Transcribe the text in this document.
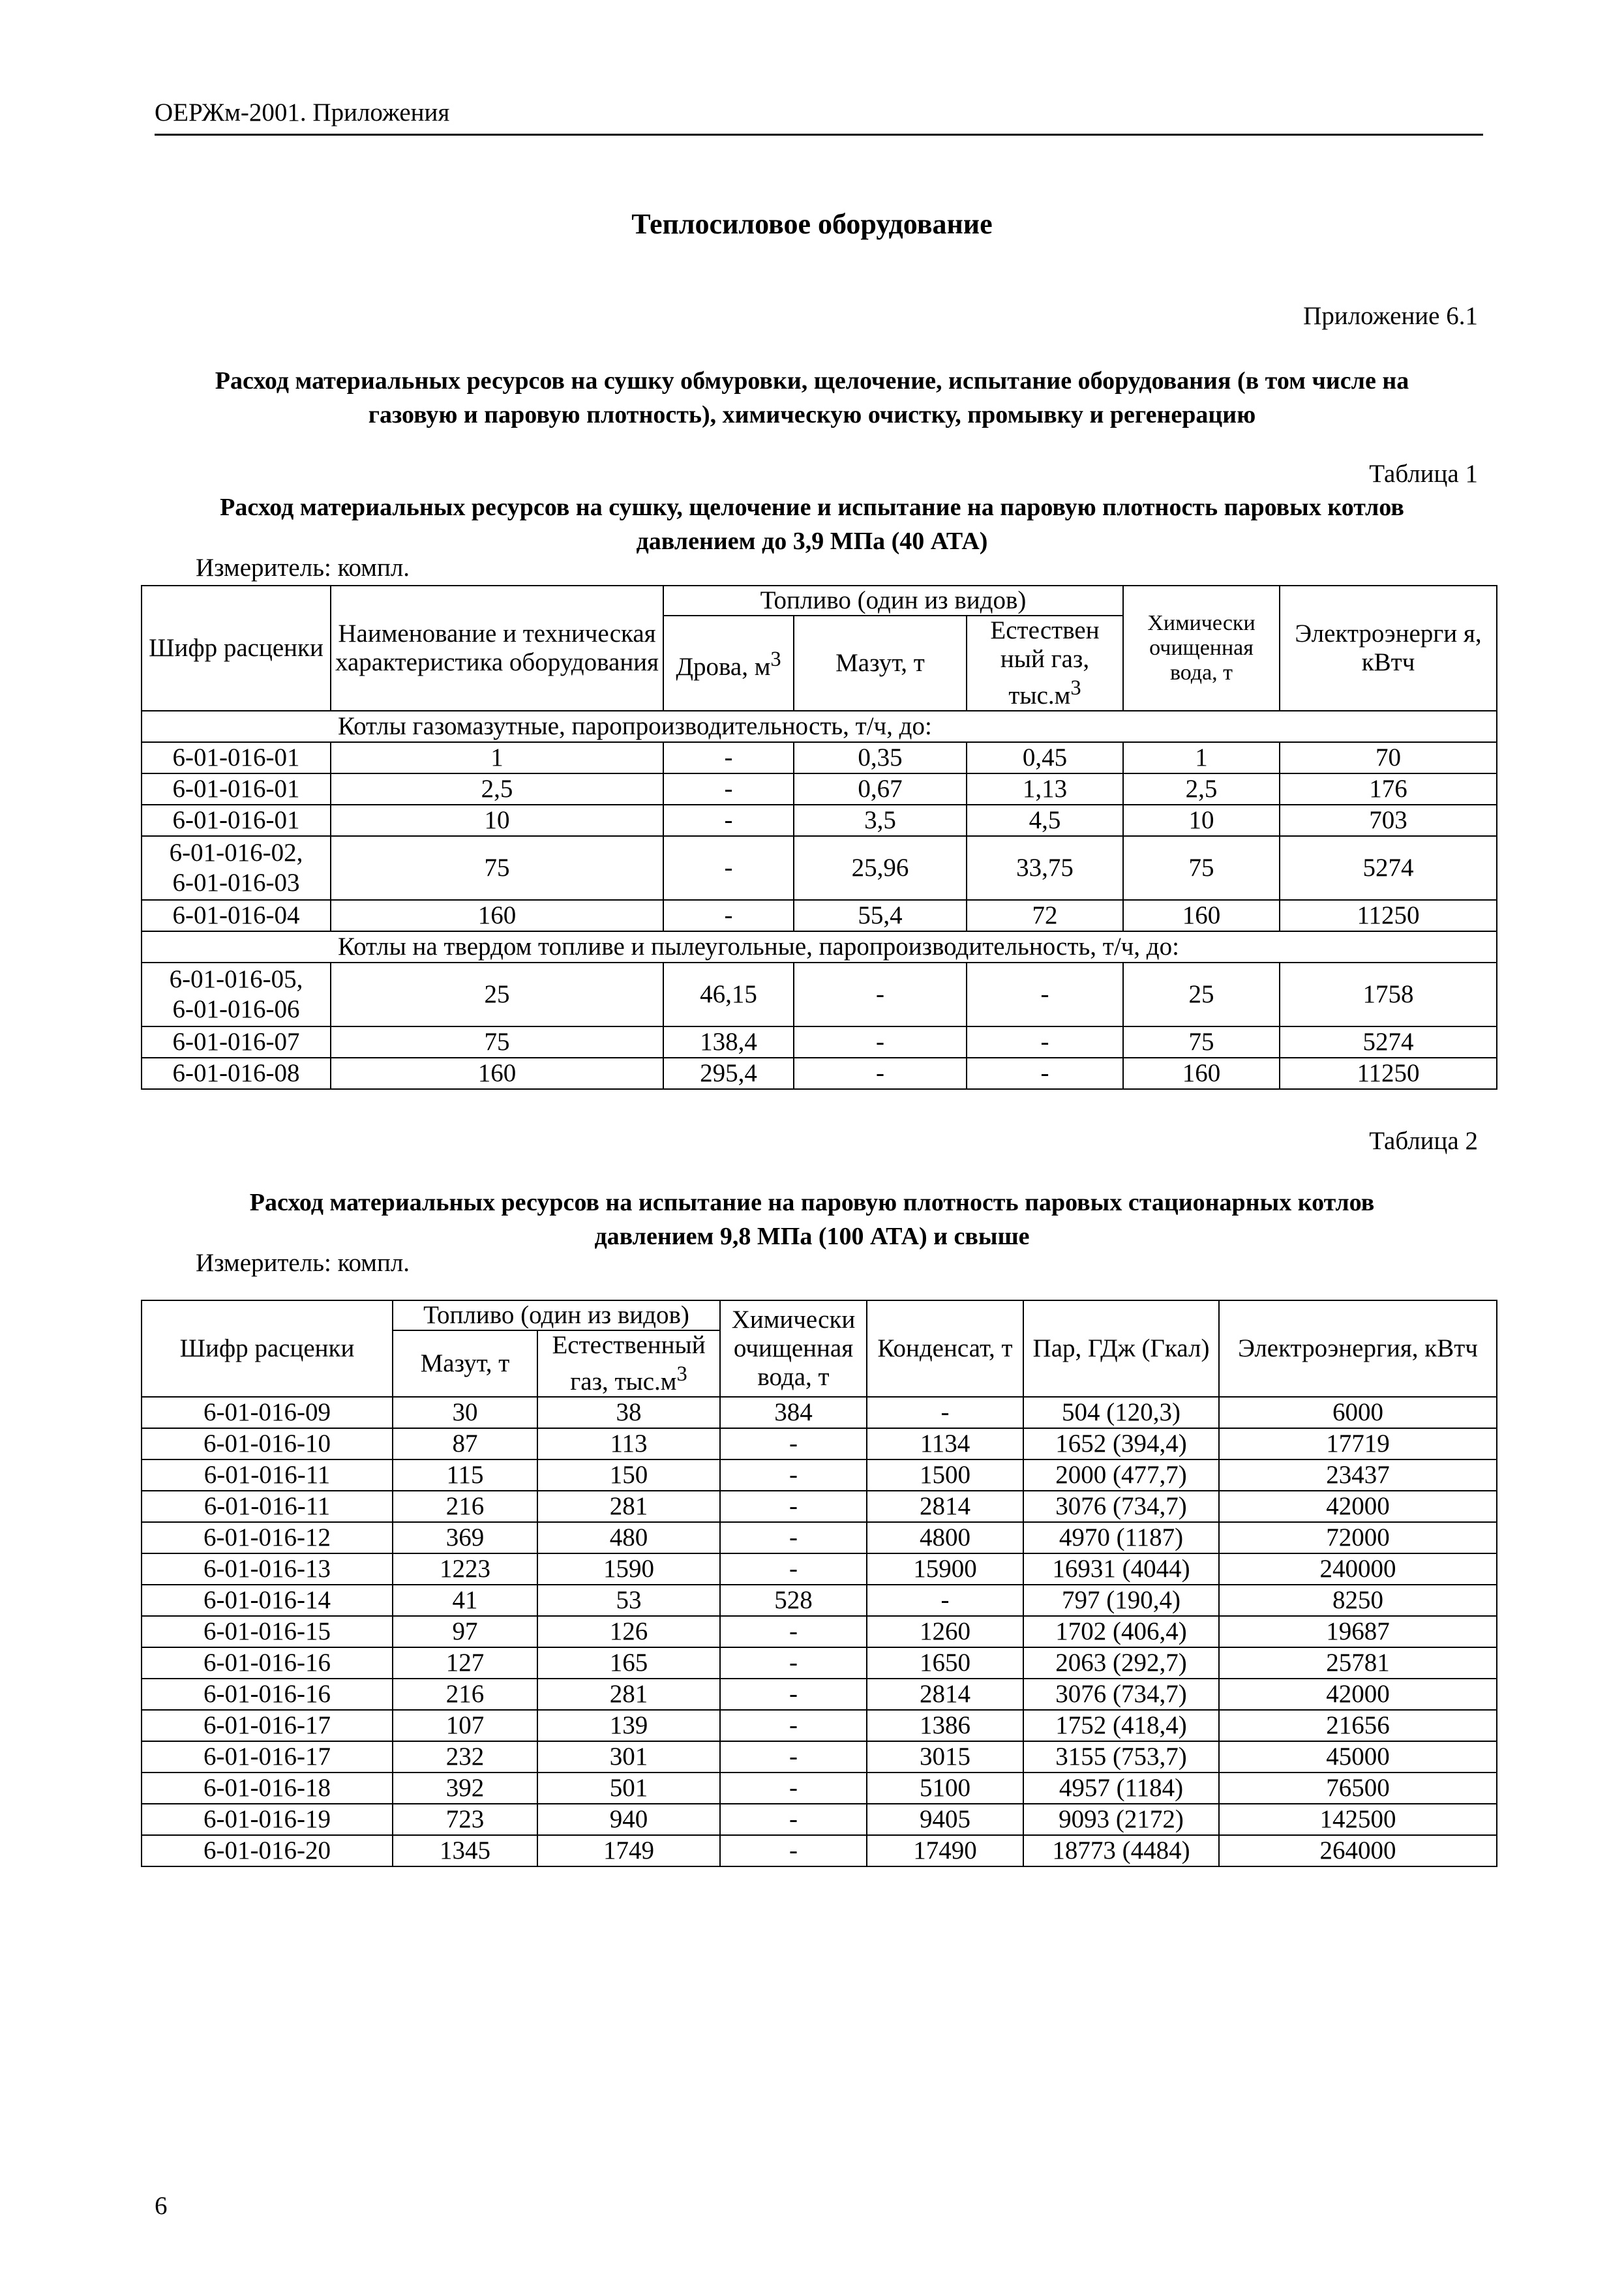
ОЕРЖм-2001. Приложения
Теплосиловое оборудование
Приложение 6.1
Расход материальных ресурсов на сушку обмуровки, щелочение, испытание оборудования (в том числе на газовую и паровую плотность), химическую очистку, промывку и регенерацию
Таблица 1
Расход материальных ресурсов на сушку, щелочение и испытание на паровую плотность паровых котлов давлением до 3,9 МПа (40 АТА)
Измеритель: компл.
Шифр расценки	Наименование и техническая характеристика оборудования	Топливо (один из видов)			Химически очищенная вода, т	Электроэнерги я, кВтч
		Дрова, $м^3$	Мазут, т	Естествен ный газ, $тыс.м^3$
Котлы газомазутные, паропроизводительность, т/ч, до:						
6-01-016-01	1	-	0,35	0,45	1	70
6-01-016-01	2,5	-	0,67	1,13	2,5	176
6-01-016-01	10	-	3,5	4,5	10	703

6-01-016-02,
6-01-016-03	75	-	25,96	33,75	75	5274
6-01-016-04	160	-	55,4	72	160	11250
Котлы на твердом топливе и пылеугольные, паропроизводительность, т/ч, до:						

6-01-016-05,
6-01-016-06	25	46,15	-	-	25	1758
6-01-016-07	75	138,4	-	-	75	5274
6-01-016-08	160	295,4	-	-	160	11250
Таблица 2
Расход материальных ресурсов на испытание на паровую плотность паровых стационарных котлов давлением 9,8 МПа (100 АТА) и свыше
Измеритель: компл.
Шифр расценки	Топливо (один из видов)		Химически очищенная вода, т	Конденсат, т	Пар, ГДж (Гкал)	Электроэнергия, кВтч
	Мазут, т	Естественный газ, $тыс.м^3$
6-01-016-09	30	38	384	-	504 (120,3)	6000
6-01-016-10	87	113	-	1134	1652 (394,4)	17719
6-01-016-11	115	150	-	1500	2000 (477,7)	23437
6-01-016-11	216	281	-	2814	3076 (734,7)	42000
6-01-016-12	369	480	-	4800	4970 (1187)	72000
6-01-016-13	1223	1590	-	15900	16931 (4044)	240000
6-01-016-14	41	53	528	-	797 (190,4)	8250
6-01-016-15	97	126	-	1260	1702 (406,4)	19687
6-01-016-16	127	165	-	1650	2063 (292,7)	25781
6-01-016-16	216	281	-	2814	3076 (734,7)	42000
6-01-016-17	107	139	-	1386	1752 (418,4)	21656
6-01-016-17	232	301	-	3015	3155 (753,7)	45000
6-01-016-18	392	501	-	5100	4957 (1184)	76500
6-01-016-19	723	940	-	9405	9093 (2172)	142500
6-01-016-20	1345	1749	-	17490	18773 (4484)	264000
6
